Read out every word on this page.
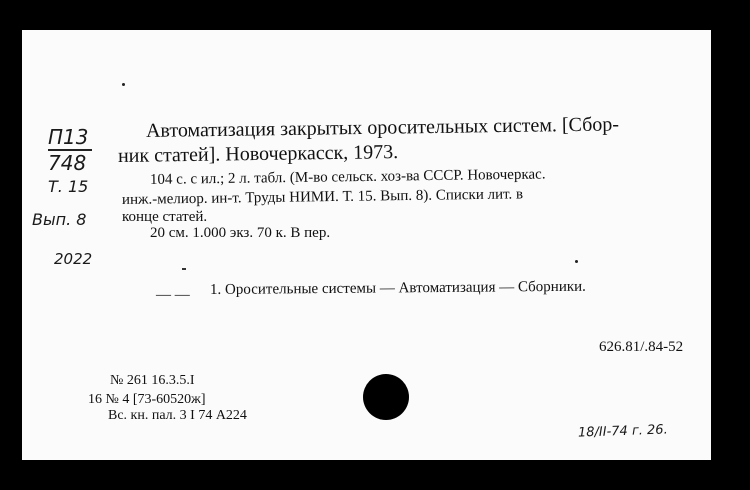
П13
748
Т. 15
Вып. 8
2022
Автоматизация закрытых оросительных систем. [Сбор-
ник статей]. Новочеркасск, 1973.
104 с. с ил.; 2 л. табл. (М-во сельск. хоз-ва СССР. Новочеркас.
инж.-мелиор. ин-т. Труды НИМИ. Т. 15. Вып. 8). Списки лит. в
конце статей.
20 см. 1.000 экз. 70 к. В пер.
— — 1. Оросительные системы — Автоматизация — Сборники.
626.81/.84-52
№ 261 16.3.5.I
16 № 4 [73-60520ж]
Вс. кн. пал. 3 I 74 А224
18/II-74 г. 26.
